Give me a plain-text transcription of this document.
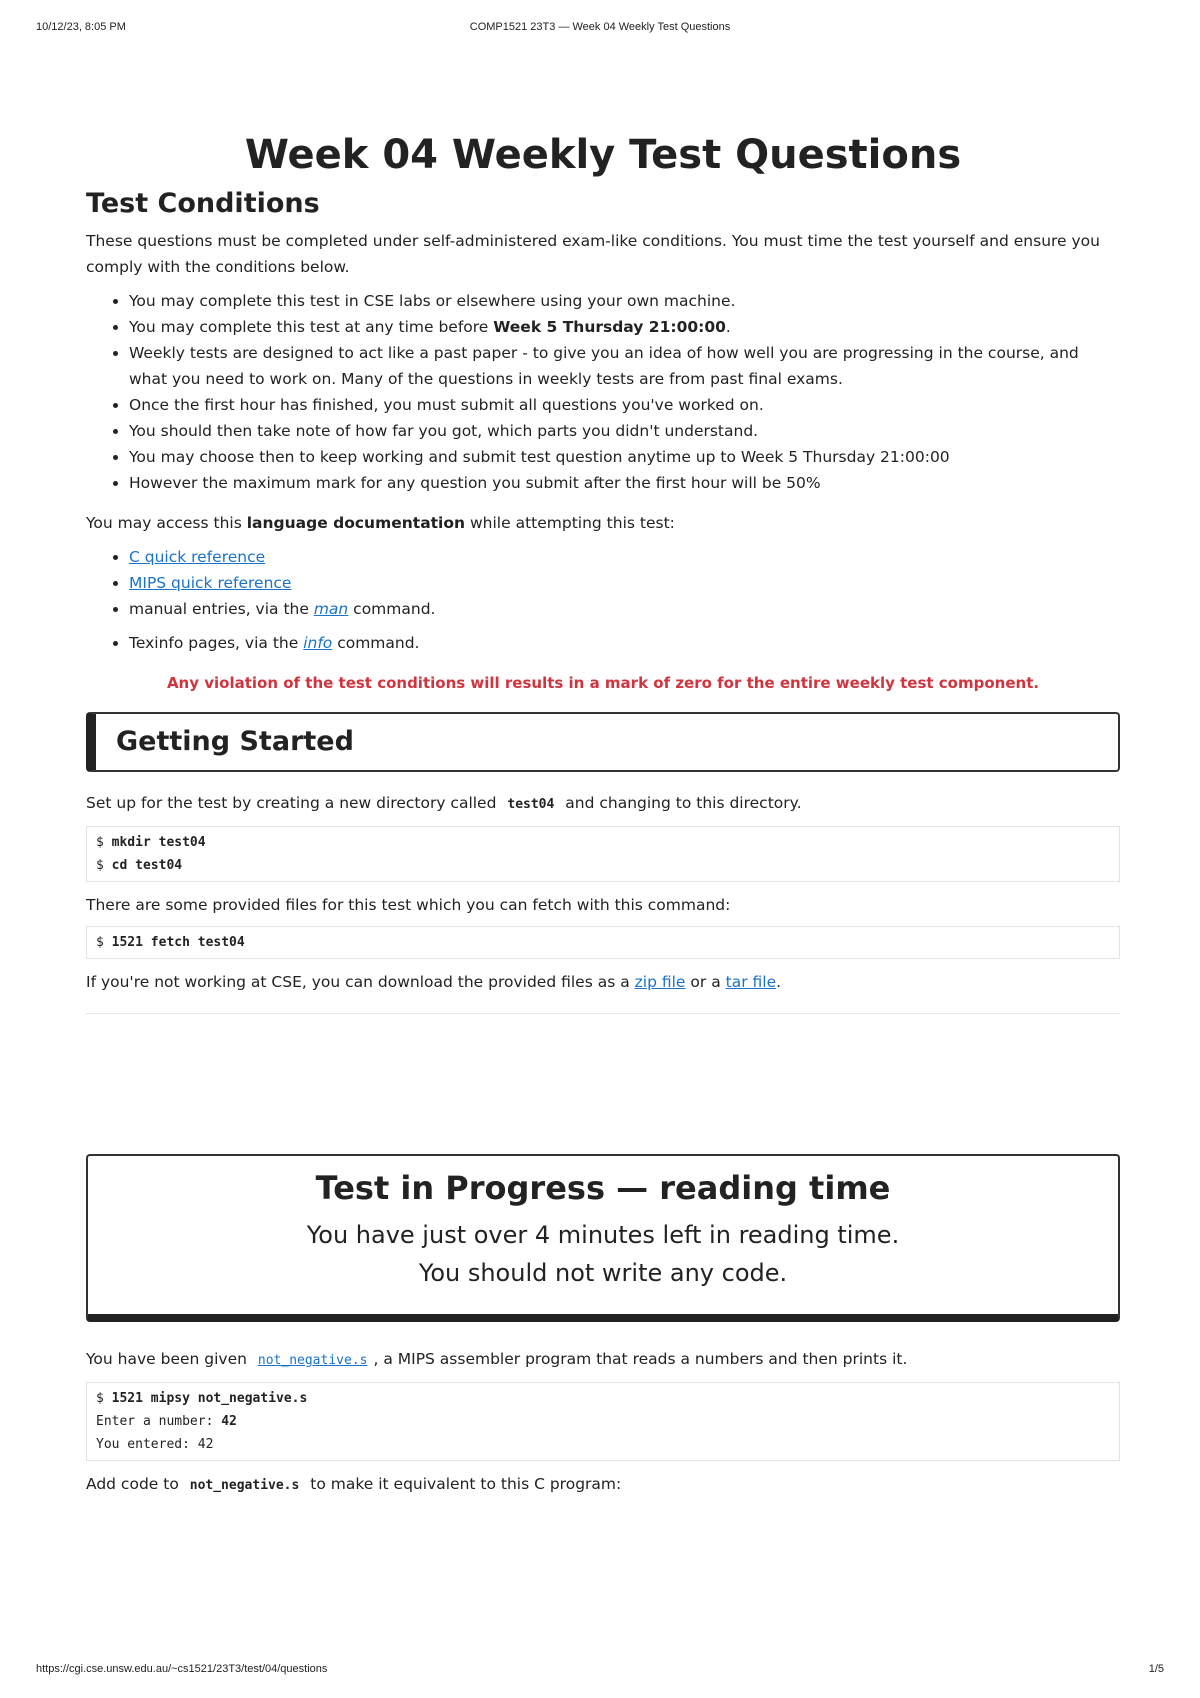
10/12/23, 8:05 PM	COMP1521 23T3 — Week 04 Weekly Test Questions
Week 04 Weekly Test Questions
Test Conditions

These questions must be completed under self-administered exam-like conditions. You must time the test yourself and ensure you comply with the conditions below.

• You may complete this test in CSE labs or elsewhere using your own machine.
• You may complete this test at any time before Week 5 Thursday 21:00:00.
• Weekly tests are designed to act like a past paper - to give you an idea of how well you are progressing in the course, and what you need to work on. Many of the questions in weekly tests are from past final exams.
• Once the first hour has finished, you must submit all questions you've worked on.
• You should then take note of how far you got, which parts you didn't understand.
• You may choose then to keep working and submit test question anytime up to Week 5 Thursday 21:00:00
• However the maximum mark for any question you submit after the first hour will be 50%

You may access this language documentation while attempting this test:

• C quick reference
• MIPS quick reference
• manual entries, via the man command.
• Texinfo pages, via the info command.
Any violation of the test conditions will results in a mark of zero for the entire weekly test component.
Getting Started

Set up for the test by creating a new directory called test04 and changing to this directory.

$ mkdir test04
$ cd test04

There are some provided files for this test which you can fetch with this command:

$ 1521 fetch test04

If you're not working at CSE, you can download the provided files as a zip file or a tar file.

Test in Progress — reading time
You have just over 4 minutes left in reading time.
You should not write any code.

You have been given not_negative.s , a MIPS assembler program that reads a numbers and then prints it.

$ 1521 mipsy not_negative.s
Enter a number: 42
You entered: 42

Add code to not_negative.s to make it equivalent to this C program:

https://cgi.cse.unsw.edu.au/~cs1521/23T3/test/04/questions	1/5
